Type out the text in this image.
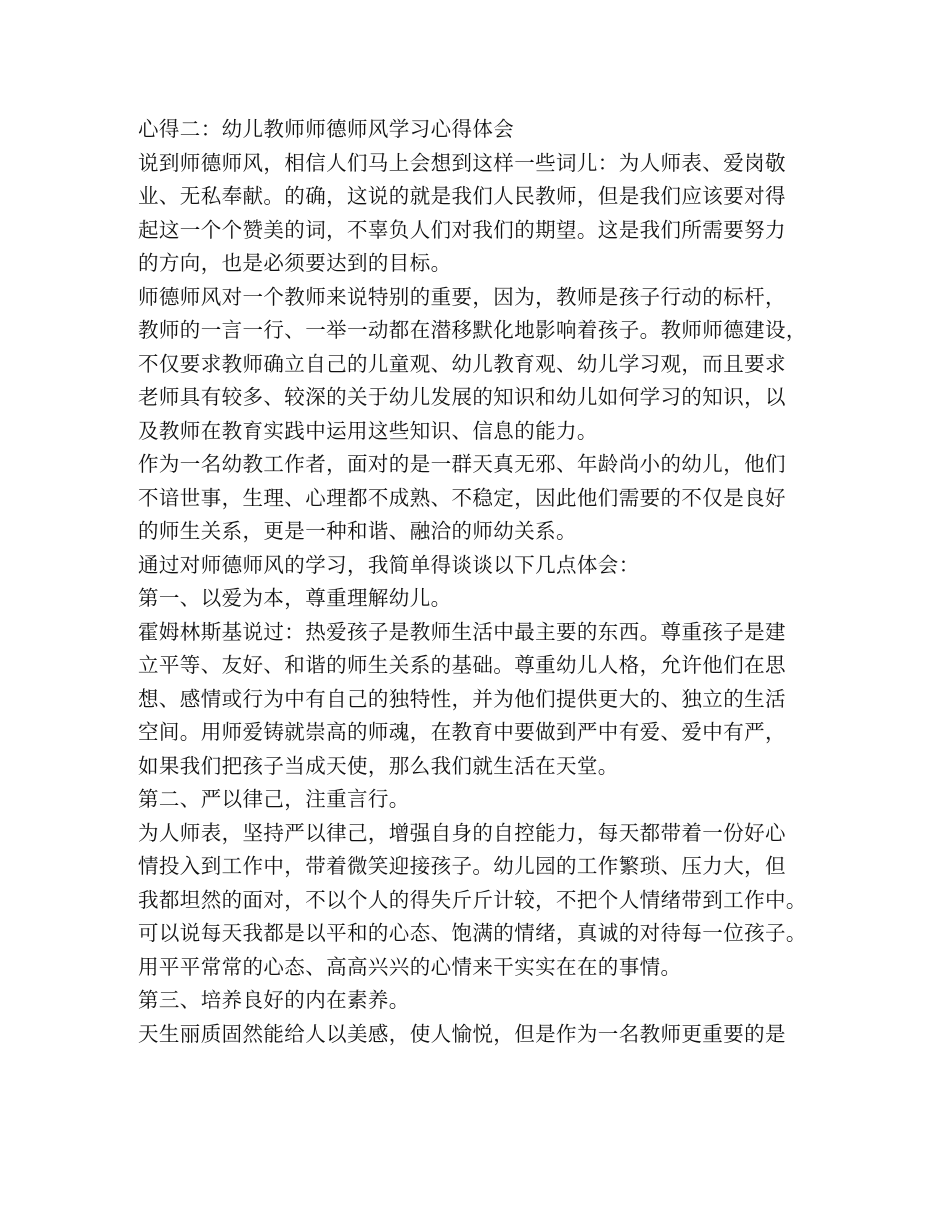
心得二：幼儿教师师德师风学习心得体会
说到师德师风，相信人们马上会想到这样一些词儿：为人师表、爱岗敬
业、无私奉献。的确，这说的就是我们人民教师，但是我们应该要对得
起这一个个赞美的词，不辜负人们对我们的期望。这是我们所需要努力
的方向，也是必须要达到的目标。
师德师风对一个教师来说特别的重要，因为，教师是孩子行动的标杆，
教师的一言一行、一举一动都在潜移默化地影响着孩子。教师师德建设，
不仅要求教师确立自己的儿童观、幼儿教育观、幼儿学习观，而且要求
老师具有较多、较深的关于幼儿发展的知识和幼儿如何学习的知识，以
及教师在教育实践中运用这些知识、信息的能力。
作为一名幼教工作者，面对的是一群天真无邪、年龄尚小的幼儿，他们
不谙世事，生理、心理都不成熟、不稳定，因此他们需要的不仅是良好
的师生关系，更是一种和谐、融洽的师幼关系。
通过对师德师风的学习，我简单得谈谈以下几点体会：
第一、以爱为本，尊重理解幼儿。
霍姆林斯基说过：热爱孩子是教师生活中最主要的东西。尊重孩子是建
立平等、友好、和谐的师生关系的基础。尊重幼儿人格，允许他们在思
想、感情或行为中有自己的独特性，并为他们提供更大的、独立的生活
空间。用师爱铸就崇高的师魂，在教育中要做到严中有爱、爱中有严，
如果我们把孩子当成天使，那么我们就生活在天堂。
第二、严以律己，注重言行。
为人师表，坚持严以律己，增强自身的自控能力，每天都带着一份好心
情投入到工作中，带着微笑迎接孩子。幼儿园的工作繁琐、压力大，但
我都坦然的面对，不以个人的得失斤斤计较，不把个人情绪带到工作中。
可以说每天我都是以平和的心态、饱满的情绪，真诚的对待每一位孩子。
用平平常常的心态、高高兴兴的心情来干实实在在的事情。
第三、培养良好的内在素养。
天生丽质固然能给人以美感，使人愉悦，但是作为一名教师更重要的是
